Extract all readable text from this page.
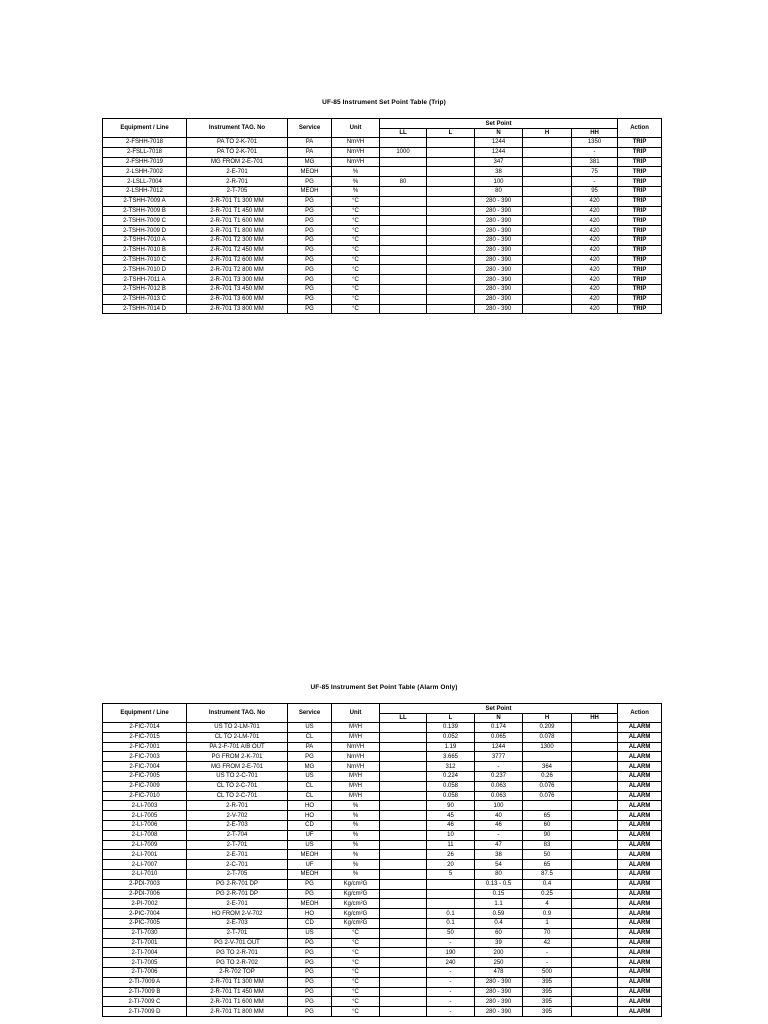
UF-85 Instrument Set Point Table (Trip)
Equipment / Line	Instrument TAG. No	Service	Unit	Set Point					Action
				LL	L	N	H	HH	
2-FSHH-7018	PA TO 2-K-701	PA	Nm³/H			1244		1350	TRIP
2-FSLL-7018	PA TO 2-K-701	PA	Nm³/H	1000		1244		-	TRIP
2-FSHH-7019	MG FROM 2-E-701	MG	Nm³/H			347		381	TRIP
2-LSHH-7002	2-E-701	MEOH	%			38		75	TRIP
2-LSLL-7004	2-R-701	PG	%	80		100		-	TRIP
2-LSHH-7012	2-T-705	MEOH	%			80		95	TRIP
2-TSHH-7009 A	2-R-701 T1 300 MM	PG	°C			280 - 390		420	TRIP
2-TSHH-7009 B	2-R-701 T1 450 MM	PG	°C			280 - 390		420	TRIP
2-TSHH-7009 C	2-R-701 T1 600 MM	PG	°C			280 - 390		420	TRIP
2-TSHH-7009 D	2-R-701 T1 800 MM	PG	°C			280 - 390		420	TRIP
2-TSHH-7010 A	2-R-701 T2 300 MM	PG	°C			280 - 390		420	TRIP
2-TSHH-7010 B	2-R-701 T2 450 MM	PG	°C			280 - 390		420	TRIP
2-TSHH-7010 C	2-R-701 T2 600 MM	PG	°C			280 - 390		420	TRIP
2-TSHH-7010 D	2-R-701 T2 800 MM	PG	°C			280 - 390		420	TRIP
2-TSHH-7011 A	2-R-701 T3 300 MM	PG	°C			280 - 390		420	TRIP
2-TSHH-7012 B	2-R-701 T3 450 MM	PG	°C			280 - 390		420	TRIP
2-TSHH-7013 C	2-R-701 T3 600 MM	PG	°C			280 - 390		420	TRIP
2-TSHH-7014 D	2-R-701 T3 800 MM	PG	°C			280 - 390		420	TRIP
UF-85 Instrument Set Point Table (Alarm Only)
Equipment / Line	Instrument TAG. No	Service	Unit	Set Point					Action
				LL	L	N	H	HH	
2-FIC-7014	US TO 2-LM-701	US	M³/H		0.139	0.174	0.209		ALARM
2-FIC-7015	CL TO 2-LM-701	CL	M³/H		0.052	0.065	0.078		ALARM
2-FIC-7001	PA 2-F-701 A/B OUT	PA	Nm³/H		1.19	1244	1300		ALARM
2-FIC-7003	PG FROM 2-K-701	PG	Nm³/H		3.665	3777			ALARM
2-FIC-7004	MG FROM 2-E-701	MG	Nm³/H		312	-	364		ALARM
2-FIC-7005	US TO 2-C-701	US	M³/H		0.224	0.237	0.26		ALARM
2-FIC-7009	CL TO 2-C-701	CL	M³/H		0.058	0.063	0.076		ALARM
2-FIC-7010	CL TO 2-C-701	CL	M³/H		0.058	0.063	0.076		ALARM
2-LI-7003	2-R-701	HO	%		90	100			ALARM
2-LI-7005	2-V-702	HO	%		45	40	65		ALARM
2-LI-7006	2-E-703	CD	%		46	46	60		ALARM
2-LI-7008	2-T-704	UF	%		10	-	90		ALARM
2-LI-7009	2-T-701	US	%		11	47	83		ALARM
2-LI-7001	2-E-701	MEOH	%		26	38	50		ALARM
2-LI-7007	2-C-701	UF	%		20	54	65		ALARM
2-LI-7010	2-T-705	MEOH	%		5	80	87.5		ALARM
2-PDI-7003	PG 2-R-701 DP	PG	Kg/cm²G			0.13 - 0.5	0.4		ALARM
2-PDI-7006	PG 2-R-701 DP	PG	Kg/cm²G			0.15	0.25		ALARM
2-PI-7002	2-E-701	MEOH	Kg/cm²G			1.1	4		ALARM
2-PIC-7004	HO FROM 2-V-702	HO	Kg/cm²G		0.1	0.59	0.9		ALARM
2-PIC-7005	2-E-703	CD	Kg/cm²G		0.1	0.4	1		ALARM
2-TI-7030	2-T-701	US	°C		50	60	70		ALARM
2-TI-7001	PG 2-V-701 OUT	PG	°C		-	39	42		ALARM
2-TI-7004	PG TO 2-R-701	PG	°C		190	200	-		ALARM
2-TI-7005	PG TO 2-R-702	PG	°C		240	250	-		ALARM
2-TI-7006	2-R-702 TOP	PG	°C		-	478	500		ALARM
2-TI-7009 A	2-R-701 T1 300 MM	PG	°C		-	280 - 390	395		ALARM
2-TI-7009 B	2-R-701 T1 450 MM	PG	°C		-	280 - 390	395		ALARM
2-TI-7009 C	2-R-701 T1 600 MM	PG	°C		-	280 - 390	395		ALARM
2-TI-7009 D	2-R-701 T1 800 MM	PG	°C		-	280 - 390	395		ALARM
